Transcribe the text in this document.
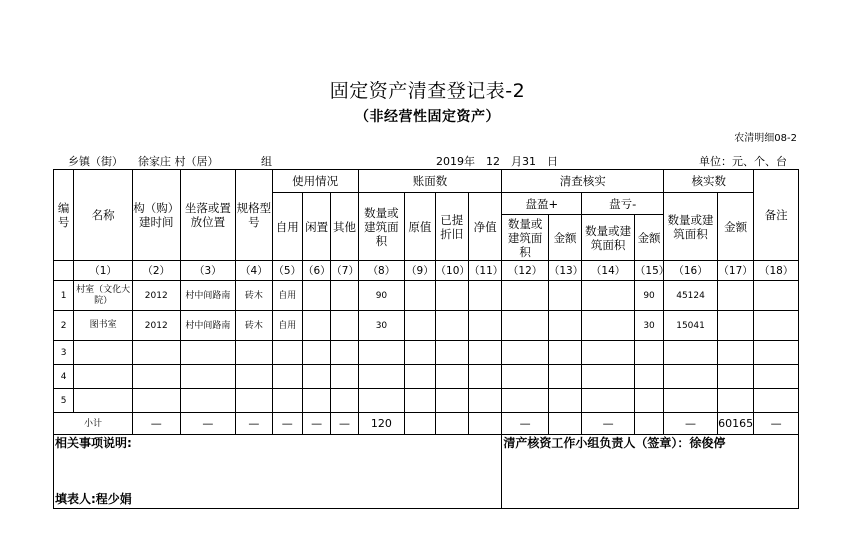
固定资产清查登记表-2
（非经营性固定资产）
农清明细08-2
乡镇（街） 徐家庄 村（居）	组	2019年　12　月31　日	单位：元、个、台
编号	名称	构（购）建时间	坐落或置放位置	规格型号	使用情况			账面数				清查核实				核实数		备注
					自用	闲置	其他	数量或建筑面积	原值	已提折旧	净值	盘盈+		盘亏-		数量或建筑面积	金额	
												数量或建筑面积	金额	数量或建筑面积	金额			

	（1）	（2）	（3）	（4）	（5）	（6）	（7）	（8）	（9）	（10）	（11）	（12）	（13）	（14）	（15）	（16）	（17）	（18）
1	村室（文化大院）	2012	村中间路南	砖木	自用			90							90	45124		
2	图书室	2012	村中间路南	砖木	自用			30							30	15041		
3																		
4																		
5																		
小计		—	—	—	—	—	—	120				—		—		—	60165	—

相关事项说明:
填表人:程少娟												清产核资工作小组负责人（签章）：徐俊停						
